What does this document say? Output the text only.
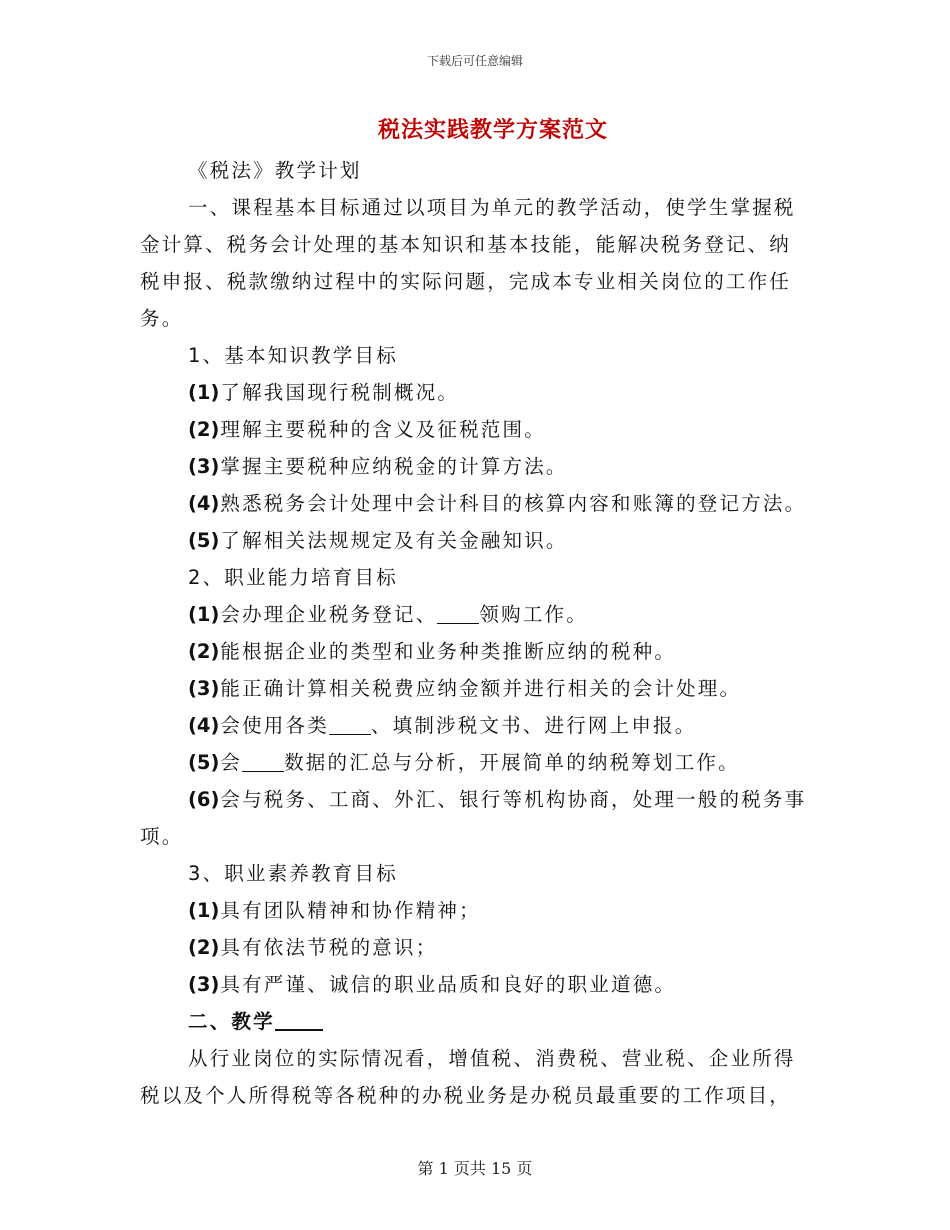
下载后可任意编辑
税法实践教学方案范文

《税法》教学计划

一、课程基本目标通过以项目为单元的教学活动，使学生掌握税金计算、税务会计处理的基本知识和基本技能，能解决税务登记、纳税申报、税款缴纳过程中的实际问题，完成本专业相关岗位的工作任务。

1、基本知识教学目标

(1)了解我国现行税制概况。

(2)理解主要税种的含义及征税范围。

(3)掌握主要税种应纳税金的计算方法。

(4)熟悉税务会计处理中会计科目的核算内容和账簿的登记方法。

(5)了解相关法规规定及有关金融知识。

2、职业能力培育目标

(1)会办理企业税务登记、 领购工作。

(2)能根据企业的类型和业务种类推断应纳的税种。

(3)能正确计算相关税费应纳金额并进行相关的会计处理。

(4)会使用各类 、填制涉税文书、进行网上申报。

(5)会 数据的汇总与分析，开展简单的纳税筹划工作。

(6)会与税务、工商、外汇、银行等机构协商，处理一般的税务事项。

3、职业素养教育目标

(1)具有团队精神和协作精神；

(2)具有依法节税的意识；

(3)具有严谨、诚信的职业品质和良好的职业道德。

二、教学

从行业岗位的实际情况看，增值税、消费税、营业税、企业所得税以及个人所得税等各税种的办税业务是办税员最重要的工作项目，

第 1 页共 15 页
